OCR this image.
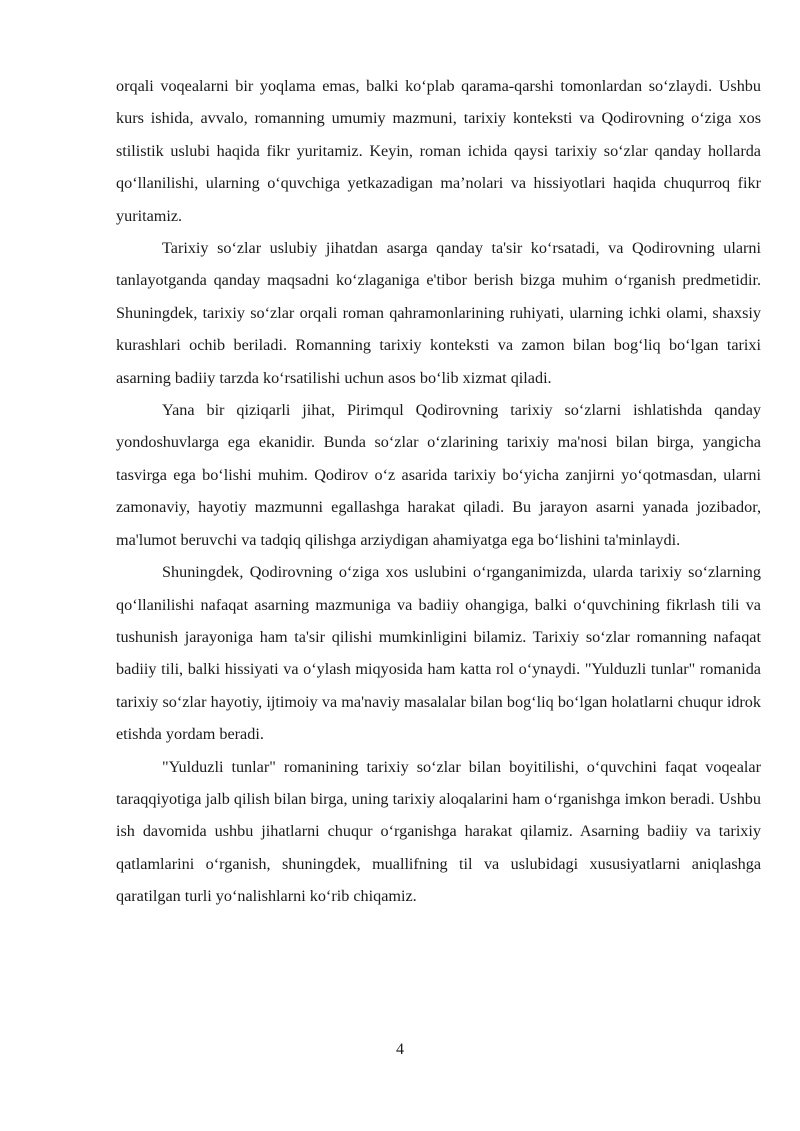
orqali voqealarni bir yoqlama emas, balki koʻplab qarama-qarshi tomonlardan soʻzlaydi. Ushbu kurs ishida, avvalo, romanning umumiy mazmuni, tarixiy konteksti va Qodirovning oʻziga xos stilistik uslubi haqida fikr yuritamiz. Keyin, roman ichida qaysi tarixiy soʻzlar qanday hollarda qoʻllanilishi, ularning oʻquvchiga yetkazadigan maʼnolari va hissiyotlari haqida chuqurroq fikr yuritamiz.

Tarixiy soʻzlar uslubiy jihatdan asarga qanday ta'sir koʻrsatadi, va Qodirovning ularni tanlayotganda qanday maqsadni koʻzlaganiga e'tibor berish bizga muhim oʻrganish predmetidir. Shuningdek, tarixiy soʻzlar orqali roman qahramonlarining ruhiyati, ularning ichki olami, shaxsiy kurashlari ochib beriladi. Romanning tarixiy konteksti va zamon bilan bogʻliq boʻlgan tarixi asarning badiiy tarzda koʻrsatilishi uchun asos boʻlib xizmat qiladi.

Yana bir qiziqarli jihat, Pirimqul Qodirovning tarixiy soʻzlarni ishlatishda qanday yondoshuvlarga ega ekanidir. Bunda soʻzlar oʻzlarining tarixiy ma'nosi bilan birga, yangicha tasvirga ega boʻlishi muhim. Qodirov oʻz asarida tarixiy boʻyicha zanjirni yoʻqotmasdan, ularni zamonaviy, hayotiy mazmunni egallashga harakat qiladi. Bu jarayon asarni yanada jozibador, ma'lumot beruvchi va tadqiq qilishga arziydigan ahamiyatga ega boʻlishini ta'minlaydi.

Shuningdek, Qodirovning oʻziga xos uslubini oʻrganganimizda, ularda tarixiy soʻzlarning qoʻllanilishi nafaqat asarning mazmuniga va badiiy ohangiga, balki oʻquvchining fikrlash tili va tushunish jarayoniga ham ta'sir qilishi mumkinligini bilamiz. Tarixiy soʻzlar romanning nafaqat badiiy tili, balki hissiyati va oʻylash miqyosida ham katta rol oʻynaydi. "Yulduzli tunlar" romanida tarixiy soʻzlar hayotiy, ijtimoiy va ma'naviy masalalar bilan bogʻliq boʻlgan holatlarni chuqur idrok etishda yordam beradi.

"Yulduzli tunlar" romanining tarixiy soʻzlar bilan boyitilishi, oʻquvchini faqat voqealar taraqqiyotiga jalb qilish bilan birga, uning tarixiy aloqalarini ham oʻrganishga imkon beradi. Ushbu ish davomida ushbu jihatlarni chuqur oʻrganishga harakat qilamiz. Asarning badiiy va tarixiy qatlamlarini oʻrganish, shuningdek, muallifning til va uslubidagi xususiyatlarni aniqlashga qaratilgan turli yoʻnalishlarni koʻrib chiqamiz.

4
